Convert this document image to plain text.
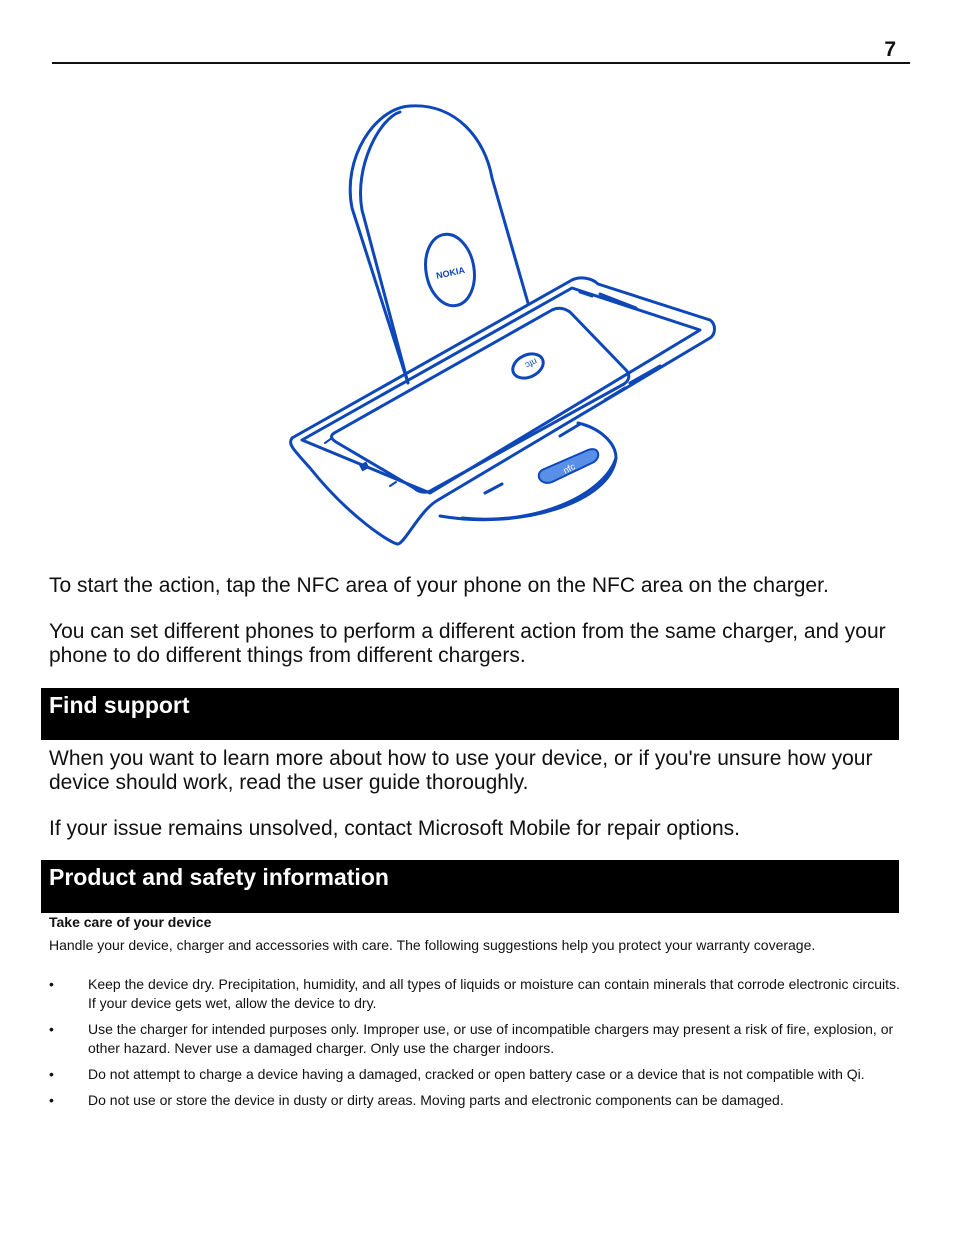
7
NOKIA
nfc
nfc

To start the action, tap the NFC area of your phone on the NFC area on the charger.

You can set different phones to perform a different action from the same charger, and your phone to do different things from different chargers.

Find support

When you want to learn more about how to use your device, or if you're unsure how your device should work, read the user guide thoroughly.

If your issue remains unsolved, contact Microsoft Mobile for repair options.

Product and safety information
Take care of your device

Handle your device, charger and accessories with care. The following suggestions help you protect your warranty coverage.

• Keep the device dry. Precipitation, humidity, and all types of liquids or moisture can contain minerals that corrode electronic circuits. If your device gets wet, allow the device to dry.
• Use the charger for intended purposes only. Improper use, or use of incompatible chargers may present a risk of fire, explosion, or other hazard. Never use a damaged charger. Only use the charger indoors.
• Do not attempt to charge a device having a damaged, cracked or open battery case or a device that is not compatible with Qi.
• Do not use or store the device in dusty or dirty areas. Moving parts and electronic components can be damaged.
